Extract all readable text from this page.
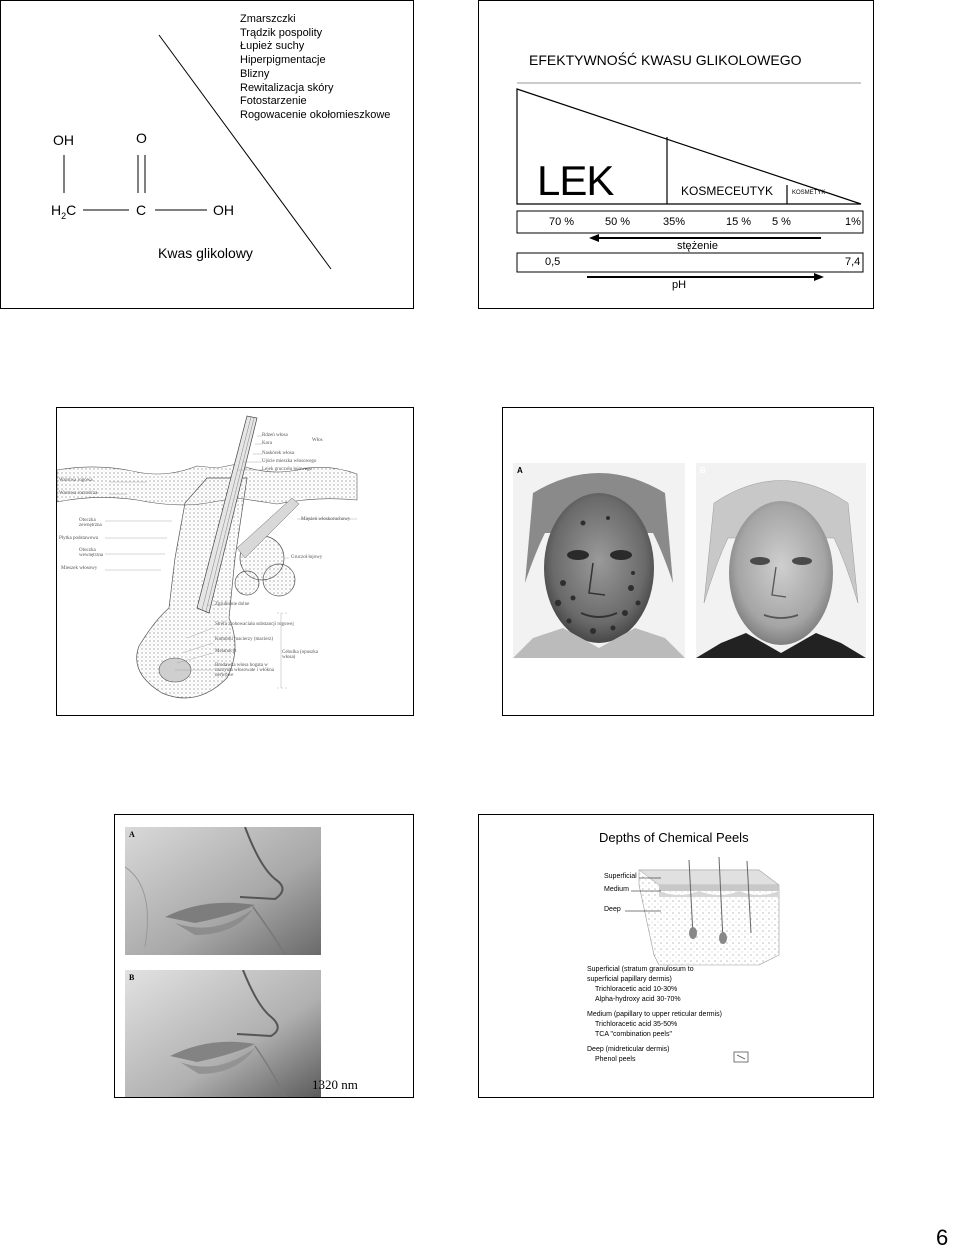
Zmarszczki
Trądzik pospolity
Łupież suchy
Hiperpigmentacje
Blizny
Rewitalizacja skóry
Fotostarzenie
Rogowacenie okołomieszkowe
OH	O
$H_2C$	C	OH
Kwas glikolowy
EFEKTYWNOŚĆ KWASU GLIKOLOWEGO
LEK	KOSMECEUTYK	KOSMETYK
70 %	50 %	35%	15 % 5 %	1%
stężenie
0,5	7,4
pH
Rdzeń włosa
Kora
Naskórek włosa
Ujście mieszka włosowego
Lejek gruczołu łojowego
Włos
Mięsień włoskoruchowy
Gruczoł łojowy
Zgrubienie dolne
Strefa zrohowaciała substancji rogowej
Komórki macierzy (macierz)
Melanocyt
Brodawka włosa bogata w naczynia włosowate i włókna nerwowe
Cebulka (opuszka włosa)
Warstwa rogowa
Warstwa rozrodcza
Otoczka zewnętrzna
Płytka podstawowa
Otoczka wewnętrzna
Mieszek włosowy
A	B
A
B
1320 nm
Depths of Chemical Peels
Superficial
Medium
Deep
Superficial (stratum granulosum to
superficial papillary dermis)
Trichloracetic acid 10-30%
Alpha-hydroxy acid 30-70%
Medium (papillary to upper reticular dermis)
Trichloracetic acid 35-50%
TCA "combination peels"
Deep (midreticular dermis)
Phenol peels
6
